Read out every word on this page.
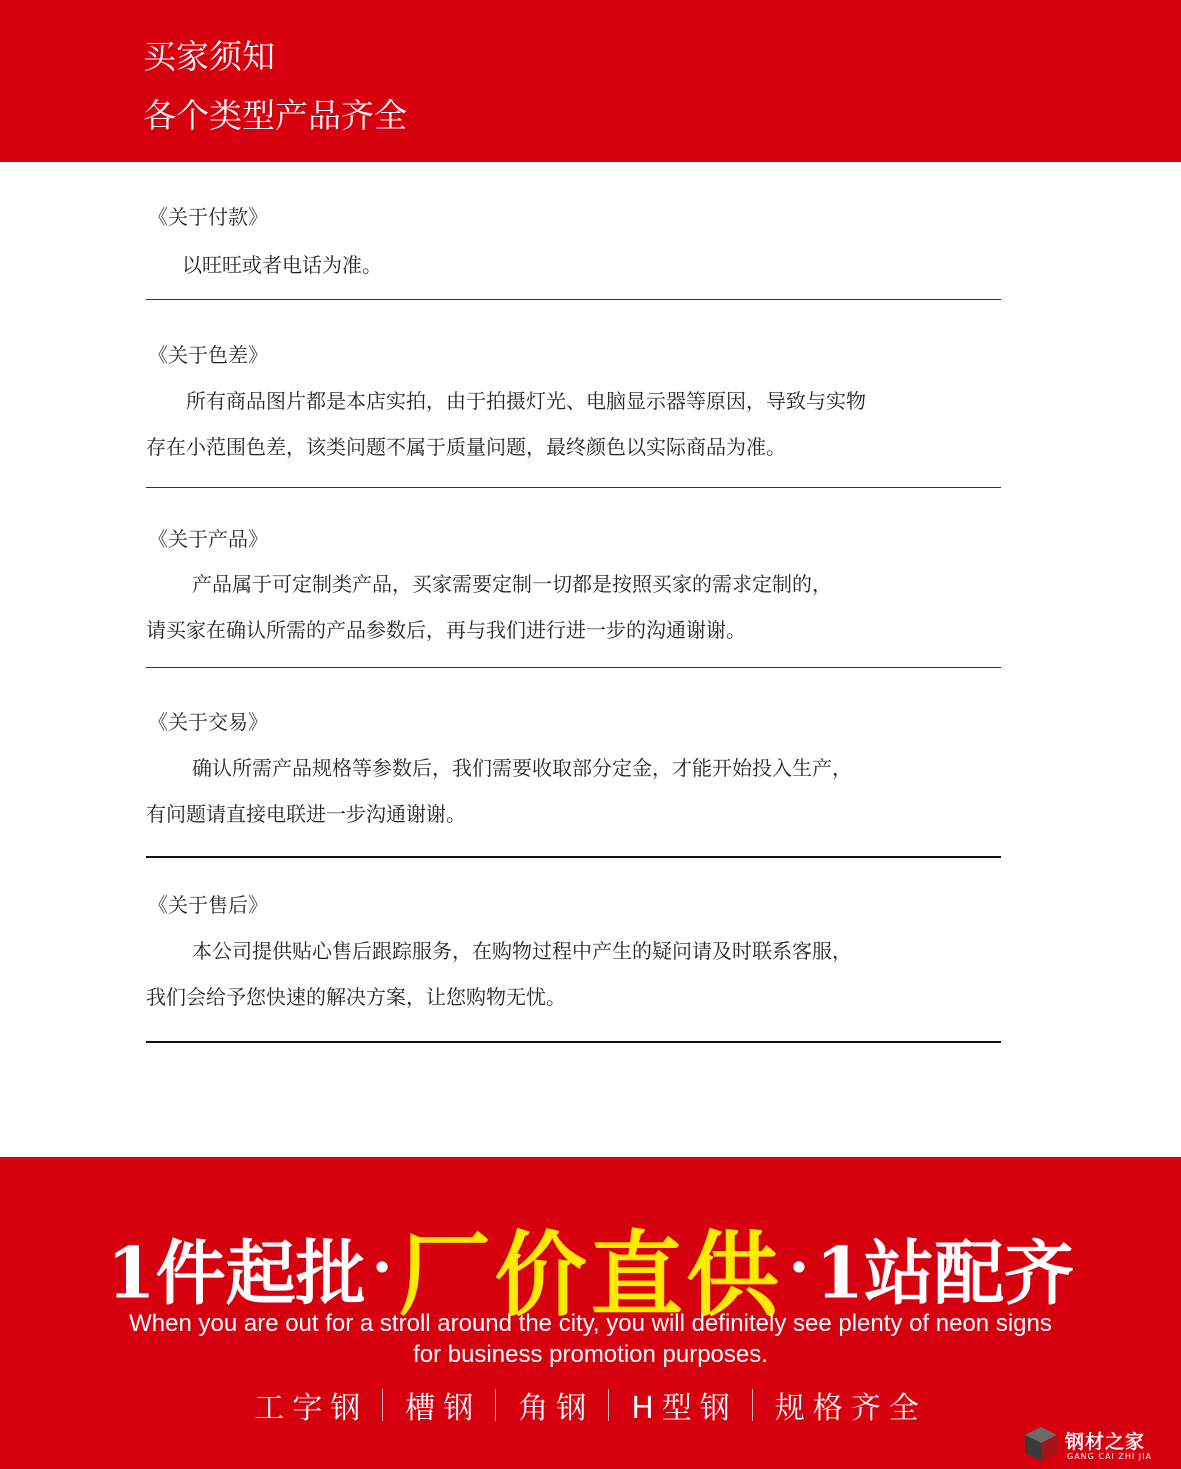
买家须知
各个类型产品齐全
《关于付款》
以旺旺或者电话为准。
《关于色差》
所有商品图片都是本店实拍，由于拍摄灯光、电脑显示器等原因，导致与实物
存在小范围色差，该类问题不属于质量问题，最终颜色以实际商品为准。
《关于产品》
产品属于可定制类产品，买家需要定制一切都是按照买家的需求定制的，
请买家在确认所需的产品参数后，再与我们进行进一步的沟通谢谢。
《关于交易》
确认所需产品规格等参数后，我们需要收取部分定金，才能开始投入生产，
有问题请直接电联进一步沟通谢谢。
《关于售后》
本公司提供贴心售后跟踪服务，在购物过程中产生的疑问请及时联系客服，
我们会给予您快速的解决方案，让您购物无忧。
1件起批 ·厂价直供 ·1站配齐
When you are out for a stroll around the city, you will definitely see plenty of neon signs
for business promotion purposes.
工字钢 槽钢 角钢 H型钢 规格齐全
钢材之家
GANG CAI ZHI JIA
